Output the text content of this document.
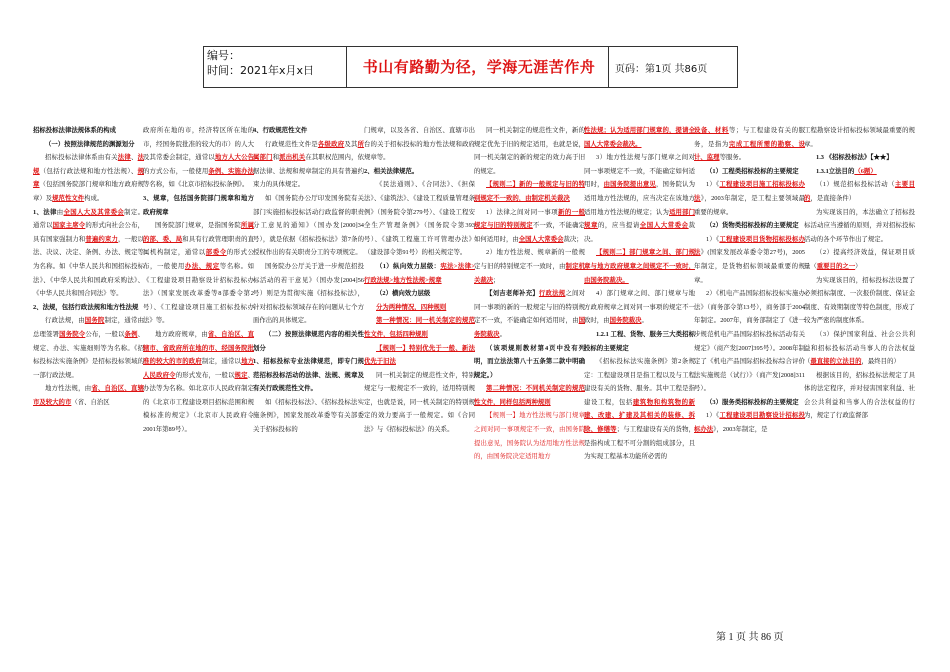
编号：
时间：2021年x月x日	书山有路勤为径，学海无涯苦作舟	页码：第1页 共86页

招标投标法律法规体系的构成

（一）按照法律规范的渊源划分

招标投标法律体系由有关法律、法规（包括行政法规和地方性法规）、规章（包括国务院部门规章和地方政府规章）及规范性文件构成。

1、法律由全国人大及其常委会制定。通常以国家主席令的形式向社会公布，具有国家强制力和普遍约束力，一般以法、决议、决定、条例、办法、规定等为名称。如《中华人民共和国招标投标法》、《中华人民共和国政府采购法》、《中华人民共和国合同法》等。

2、法规，包括行政法规和地方性法规

行政法规，由国务院制定，通常由总理签署国务院令公布，一般以条例、规定、办法、实施细则等为名称。《招标投标法实施条例》是招标投标领域的一部行政法规。

地方性法规，由省、自治区、直辖市及较大的市（省、自治区

政府所在地的市，经济特区所在地的市，经国务院批准的较大的市）的人大及其常委会制定，通常以地方人大公告的方式公布，一般使用条例、实施办法等名称，如《北京市招标投标条例》。

3、规章，包括国务院部门规章和地方政府规章

国务院部门规章，是指国务院所属的部、委、局和具有行政管理职责的直属机构制定，通常以部委令的形式公布，一般使用办法、规定等名称。如《工程建设项目勘察设计招标投标办法》（国家发展改革委等8部委令第2号）、《工程建设项目施工招标投标办法》等。

地方政府规章，由省、自治区、直辖市、省政府所在地的市、经国务院批准的较大的市的政府制定，通常以地方人民政府令的形式发布，一般以规定、办法等为名称。如北京市人民政府制定的《北京市工程建设项目招标范围和规模标准的规定》（北京市人民政府令2001年第89号）。

4、行政规范性文件

行政规范性文件是各级政府及其所属部门和派出机关在其职权范围内，依据法律、法规和规章制定的具有普遍约束力的具体规定。

如《国务院办公厅印发国务院有关部门实施招标投标活动行政监督的职责分工意见的通知》（国办发[2000]34号），就是依据《招标投标法》第7条的授权作出的有关职责分工的专项规定。

国务院办公厅关于进一步规范招投标活动的若干意见》（国办发[2004]56号）则是为贯彻实施《招标投标法》，针对招标投标领域存在的问题从七个方面作出的具体规定。

（二）按照法律规范内容的相关性划分

1、招标投标专业法律规范，即专门规范招标投标活动的法律、法规、规章及有关行政规范性文件。

如《招标投标法》、《招标投标法实施条例》，国家发展改革委等有关部委关于招标投标的

门规章，以及各省、自治区、直辖市出台的关于招标投标的地方性法规和政府规章等。

2、相关法律规范。

《民法通则》、《合同法》、《担保法》、《建筑法》、《建设工程质量管理条例》（国务院令第279号）、《建设工程安全生产管理条例》（国务院令第393号）、《建筑工程施工许可管理办法》（建设部令第91号）的相关规定等。

（1）纵向效力层级：宪法>法律>行政法规>地方性法规>规章

（2）横向效力层级

分为两种情况，四种规则

第一种情况：同一机关制定的规范性文件，包括四种规则

【规则一】特别优先于一般、新法优先于旧法

同一机关制定的规范性文件，特别规定与一般规定不一致的，适用特别规定，也就是说，同一机关制定的特别规定的效力要高于一般规定。如《合同法》与《招标投标法》的关系。

同一机关制定的规范性文件，新的规定优先于旧的规定适用，也就是说，同一机关制定的新的规定的效力高于旧的规定。

【规则二】新的一般规定与旧的特别规定不一致的，由制定机关裁决

1）法律之间对同一事项新的一般规定与旧的特别规定不一致，不能确定如何适用时，由全国人大常委会裁决；

2）地方性法规、规章新的一般规定与旧的特别规定不一致时，由制定机关裁决；

【刘吉老师补充】行政法规之间对同一事项的新的一般规定与旧的特别规定不一致，不能确定如何适用时，由国务院裁决。

（该项规则教材第4页中没有列明，而立法法第八十五条第二款中明确规定。）

第二种情况：不同机关制定的规范性文件，同样包括两种规则

【规则一】地方性法规与部门规章之间对同一事项规定不一致，由国务院提出意见，国务院认为适用地方性法规的，由国务院决定适用地方

性法规；认为适用部门规章的，提请全国人大常委会裁决。

3）地方性法规与部门规章之间对同一事项规定不一致，不能确定如何适用时，由国务院提出意见，国务院认为适用地方性法规的，应当决定在该地方适用地方性法规的规定；认为适用部门规章的，应当提请全国人大常委会裁决。

【规则二】部门规章之间、部门规章与地方政府规章之间规定不一致时，由国务院裁决。

4）部门规章之间、部门规章与地方政府规章之间对同一事项的规定不一致时，由国务院裁决。

1.2.1 工程、货物、服务三大类招标投标的主要规定

《招标投标法实施条例》第2条规定：工程建设项目是指工程以及与工程建设有关的货物、服务。其中工程是指建设工程，包括建筑物和构筑物的新建、改建、扩建及其相关的装修、拆除、修缮等；与工程建设有关的货物，是指构成工程不可分割的组成部分，且为实现工程基本功能所必需的

设备、材料等；与工程建设有关的服务，是指为完成工程所需的勘察、设计、监理等服务。

（1）工程类招标投标的主要规定

1）《工程建设项目施工招标投标办法》，2003年制定，是工程主要领域最重要的规章。

（2）货物类招标投标的主要规定

1）《工程建设项目货物招标投标办法》(国家发展改革委令第27号)，2005年制定，是货物招标领域最重要的规章。

2）《机电产品国际招标投标实施办法》（商务部令第13号），商务部于2004年制定。2007年，商务部制定了《进一步规范机电产品国际招标投标活动有关规定》（商产发[2007]395号）。2008年制定了《机电产品国际招标投标综合评价法实施规范（试行）》（商产发[2008]311号）。

（3）服务类招标投标的主要规定

1）《工程建设项目勘察设计招标投标办法》，2003年制定，是

工程勘察设计招标投标领域最重要的规章。

1.3 《招标投标法》【★★】

1.3.1立法目的（6题）

（1）规范招标投标活动（主要目的，是直接条件）

为实现该目的，本法确立了招标投标活动应当遵循的原则，并对招标投标活动的各个环节作出了规定。

（2）提高经济效益，保证项目质量（重要目的之一）

为实现该目的，招标投标法设置了必须招标制度、一次报价制度、保证金制度、有效期制度等特色制度，形成了较为严密的制度体系。

（3）保护国家利益、社会公共利益和招标投标活动当事人的合法权益（最直接的立法目的，最终目的）

根据该目的，招标投标法规定了具体的法定程序，并对侵害国家利益、社会公共利益和当事人的合法权益的行为，规定了行政监督部

第 1 页 共 86 页
